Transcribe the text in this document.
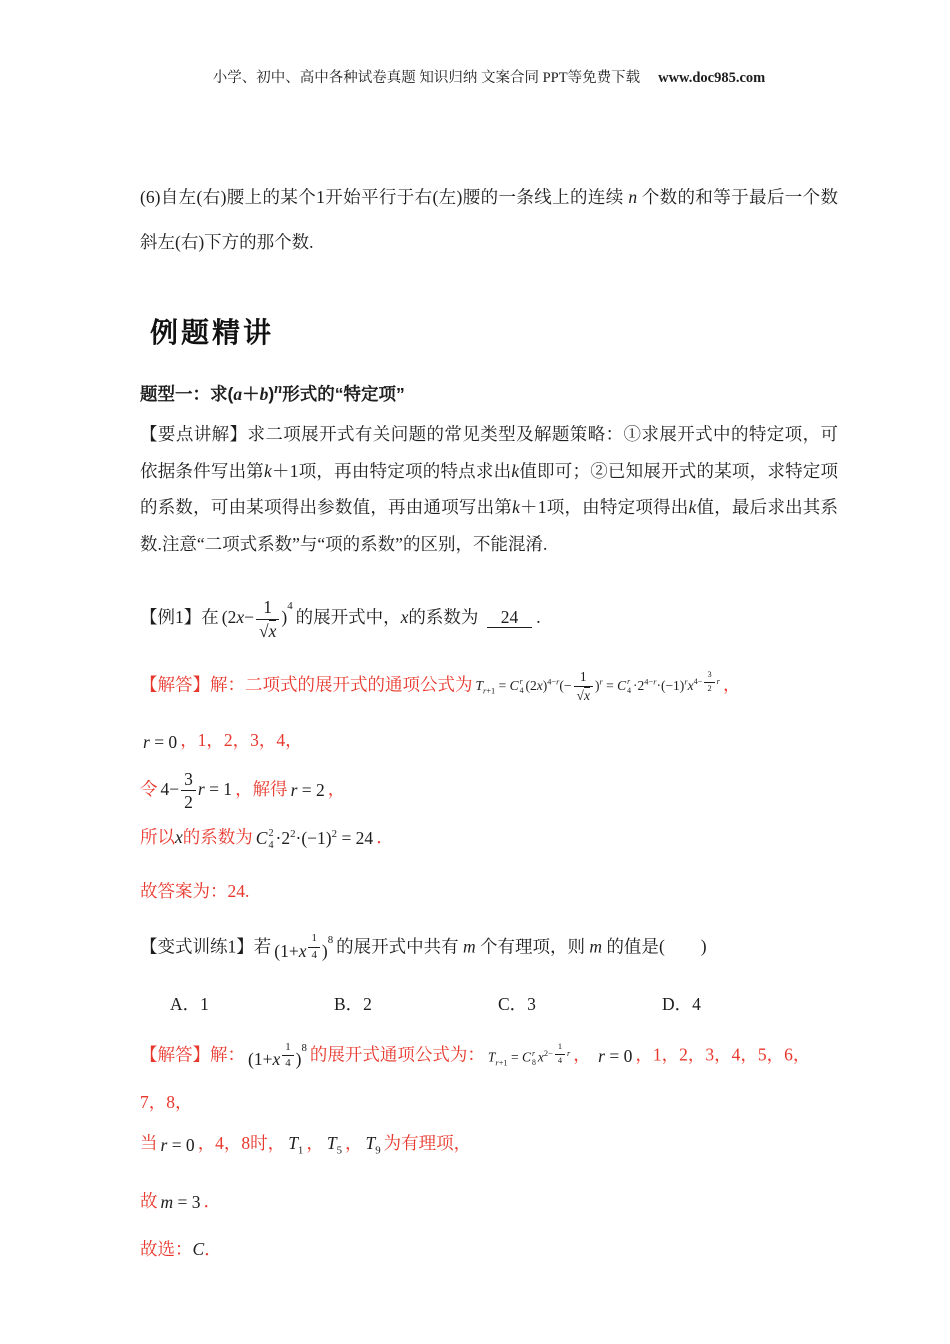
小学、初中、高中各种试卷真题 知识归纳 文案合同 PPT等免费下载 www.doc985.com

(6)自左(右)腰上的某个1开始平行于右(左)腰的一条线上的连续 n 个数的和等于最后一个数斜左(右)下方的那个数.

例题精讲

题型一：求$(a+b)^n$形式的“特定项”

【要点讲解】求二项展开式有关问题的常见类型及解题策略：①求展开式中的特定项，可依据条件写出第k＋1项，再由特定项的特点求出k值即可；②已知展开式的某项，求特定项的系数，可由某项得出参数值，再由通项写出第k＋1项，由特定项得出k值，最后求出其系数.注意“二项式系数”与“项的系数”的区别，不能混淆.

【例1】在 $(2x- \frac{1}{√x} )^4$的展开式中，x的系数为 24 .

【解答】解：二项式的展开式的通项公式为 $T_{r+1} = C$ r
4 $(2x)^{4-r}(- \frac{1}{√x} )^r = C$ r
$4 \cdot 2^{4-r}\cdot(-1)^rx^{4- \frac{3}{2} r}$ ，

r = 0 ，1，2，3，4，

令 $4- \frac{3}{2}$ r = 1 ，解得 r = 2 ，

所以x的系数为 C 2
$4 \cdot 2^2\cdot(-1)^2 = 24$ ．

故答案为：24.

【变式训练1】若 (1+x $^{\frac{1}{4}}$ )$^8$ 的展开式中共有 m 个有理项，则 m 的值是( )

A．1	B．2	C．3	D．4

【解答】解： (1+x $^{\frac{1}{4}}$ )$^8$ 的展开式通项公式为： $T_{r+1} = C$ r
8 $x^{2- \frac{1}{4} r}$ ， r = 0 ，1，2，3，4，5，6，

7，8，

当 r = 0 ，4，8时， $T_1$ ， $T_5$ ， $T_9$ 为有理项，

故 m = 3 ．

故选：C．
